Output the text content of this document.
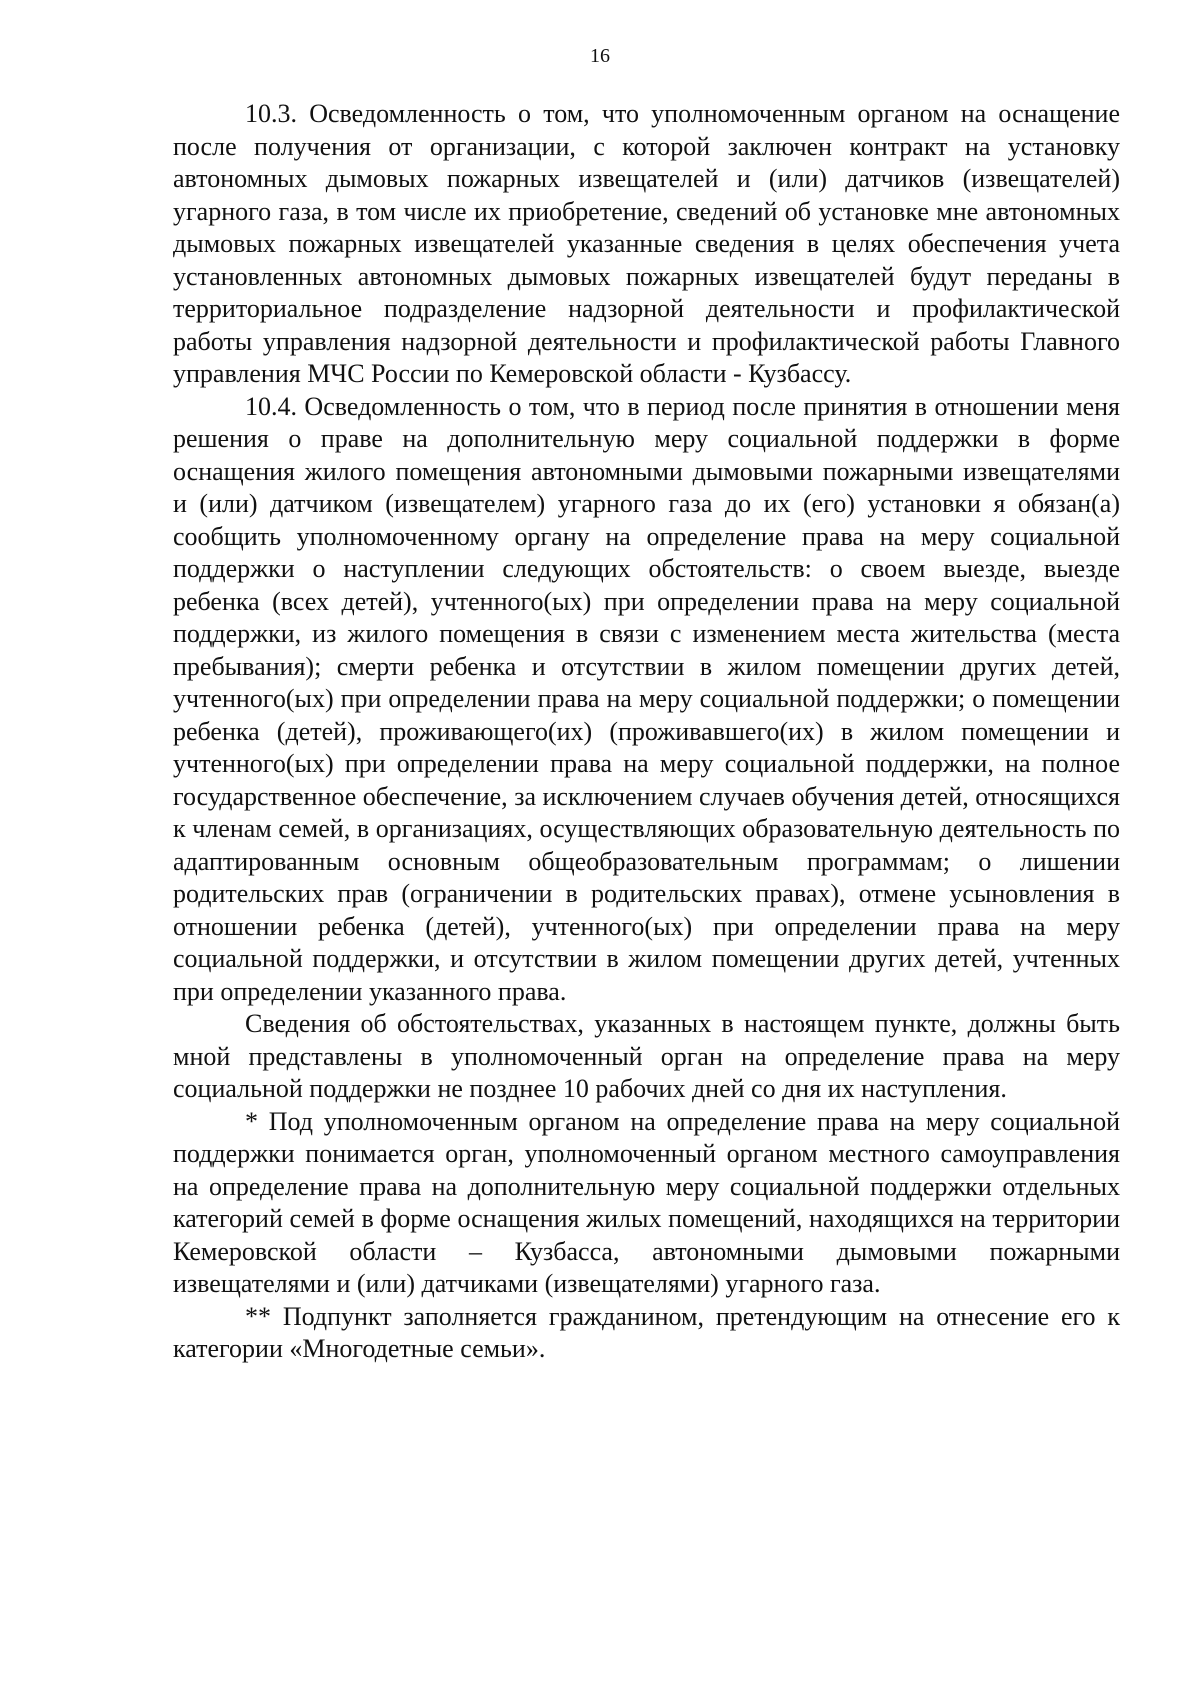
16

10.3. Осведомленность о том, что уполномоченным органом на оснащение после получения от организации, с которой заключен контракт на установку автономных дымовых пожарных извещателей и (или) датчиков (извещателей) угарного газа, в том числе их приобретение, сведений об установке мне автономных дымовых пожарных извещателей указанные сведения в целях обеспечения учета установленных автономных дымовых пожарных извещателей будут переданы в территориальное подразделение надзорной деятельности и профилактической работы управления надзорной деятельности и профилактической работы Главного управления МЧС России по Кемеровской области - Кузбассу.

10.4. Осведомленность о том, что в период после принятия в отношении меня решения о праве на дополнительную меру социальной поддержки в форме оснащения жилого помещения автономными дымовыми пожарными извещателями и (или) датчиком (извещателем) угарного газа до их (его) установки я обязан(а) сообщить уполномоченному органу на определение права на меру социальной поддержки о наступлении следующих обстоятельств: о своем выезде, выезде ребенка (всех детей), учтенного(ых) при определении права на меру социальной поддержки, из жилого помещения в связи с изменением места жительства (места пребывания); смерти ребенка и отсутствии в жилом помещении других детей, учтенного(ых) при определении права на меру социальной поддержки; о помещении ребенка (детей), проживающего(их) (проживавшего(их) в жилом помещении и учтенного(ых) при определении права на меру социальной поддержки, на полное государственное обеспечение, за исключением случаев обучения детей, относящихся к членам семей, в организациях, осуществляющих образовательную деятельность по адаптированным основным общеобразовательным программам; о лишении родительских прав (ограничении в родительских правах), отмене усыновления в отношении ребенка (детей), учтенного(ых) при определении права на меру социальной поддержки, и отсутствии в жилом помещении других детей, учтенных при определении указанного права.

Сведения об обстоятельствах, указанных в настоящем пункте, должны быть мной представлены в уполномоченный орган на определение права на меру социальной поддержки не позднее 10 рабочих дней со дня их наступления.

* Под уполномоченным органом на определение права на меру социальной поддержки понимается орган, уполномоченный органом местного самоуправления на определение права на дополнительную меру социальной поддержки отдельных категорий семей в форме оснащения жилых помещений, находящихся на территории Кемеровской области – Кузбасса, автономными дымовыми пожарными извещателями и (или) датчиками (извещателями) угарного газа.

** Подпункт заполняется гражданином, претендующим на отнесение его к категории «Многодетные семьи».
